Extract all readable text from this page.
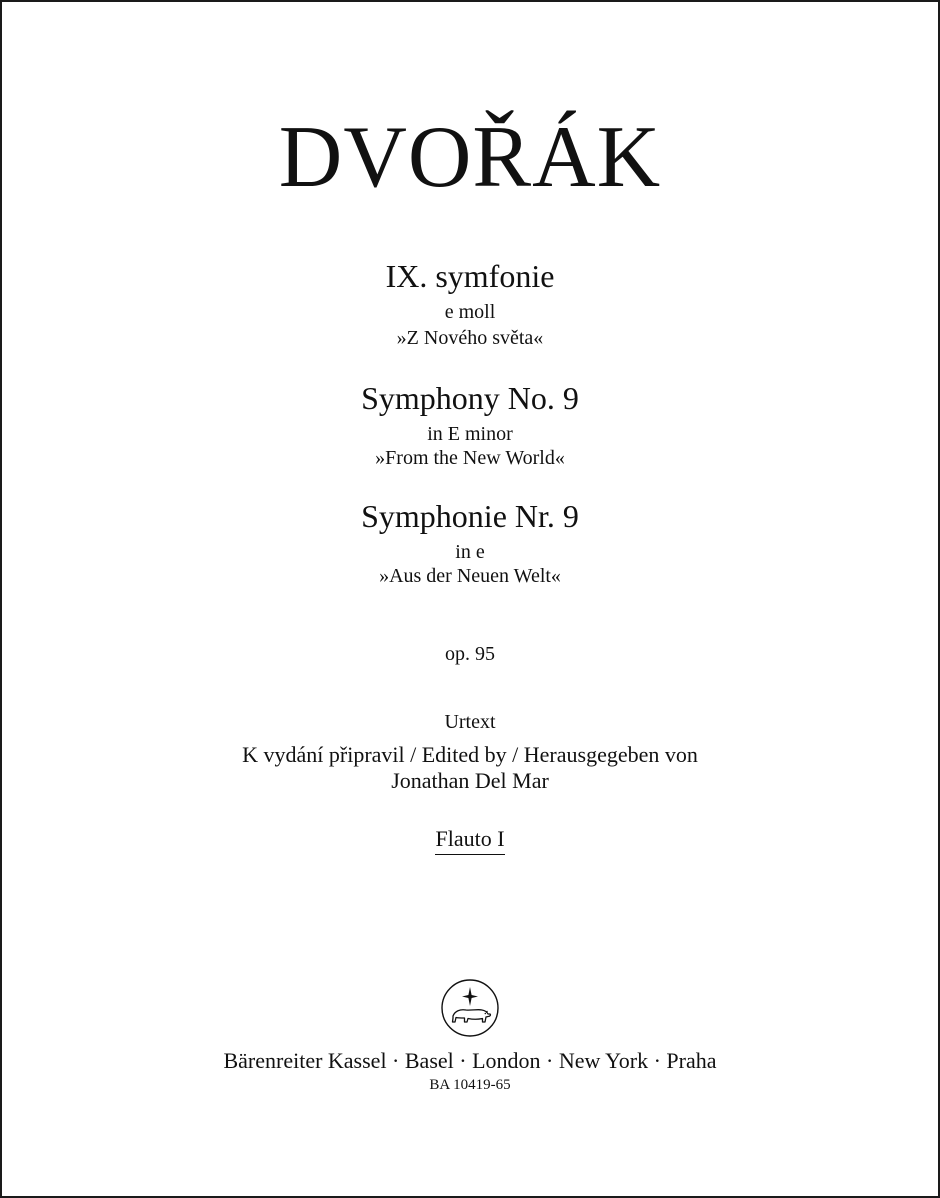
DVOŘÁK
IX. symfonie
e moll
»Z Nového světa«
Symphony No. 9
in E minor
»From the New World«
Symphonie Nr. 9
in e
»Aus der Neuen Welt«
op. 95
Urtext
K vydání připravil / Edited by / Herausgegeben von
Jonathan Del Mar
Flauto I
Bärenreiter Kassel · Basel · London · New York · Praha
BA 10419-65
